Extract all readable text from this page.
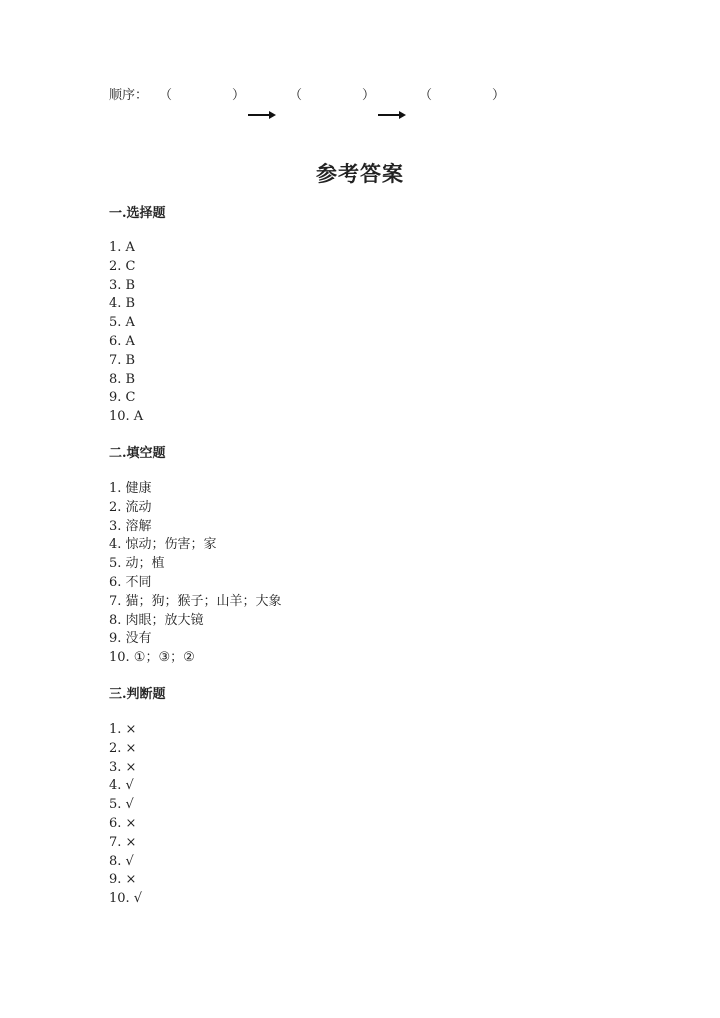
顺序： （	）	（	）	（	）
参考答案
一.选择题
1. A
2. C
3. B
4. B
5. A
6. A
7. B
8. B
9. C
10. A
二.填空题
1. 健康
2. 流动
3. 溶解
4. 惊动；伤害；家
5. 动；植
6. 不同
7. 猫；狗；猴子；山羊；大象
8. 肉眼；放大镜
9. 没有
10. ①；③；②
三.判断题
1. ×
2. ×
3. ×
4. √
5. √
6. ×
7. ×
8. √
9. ×
10. √
